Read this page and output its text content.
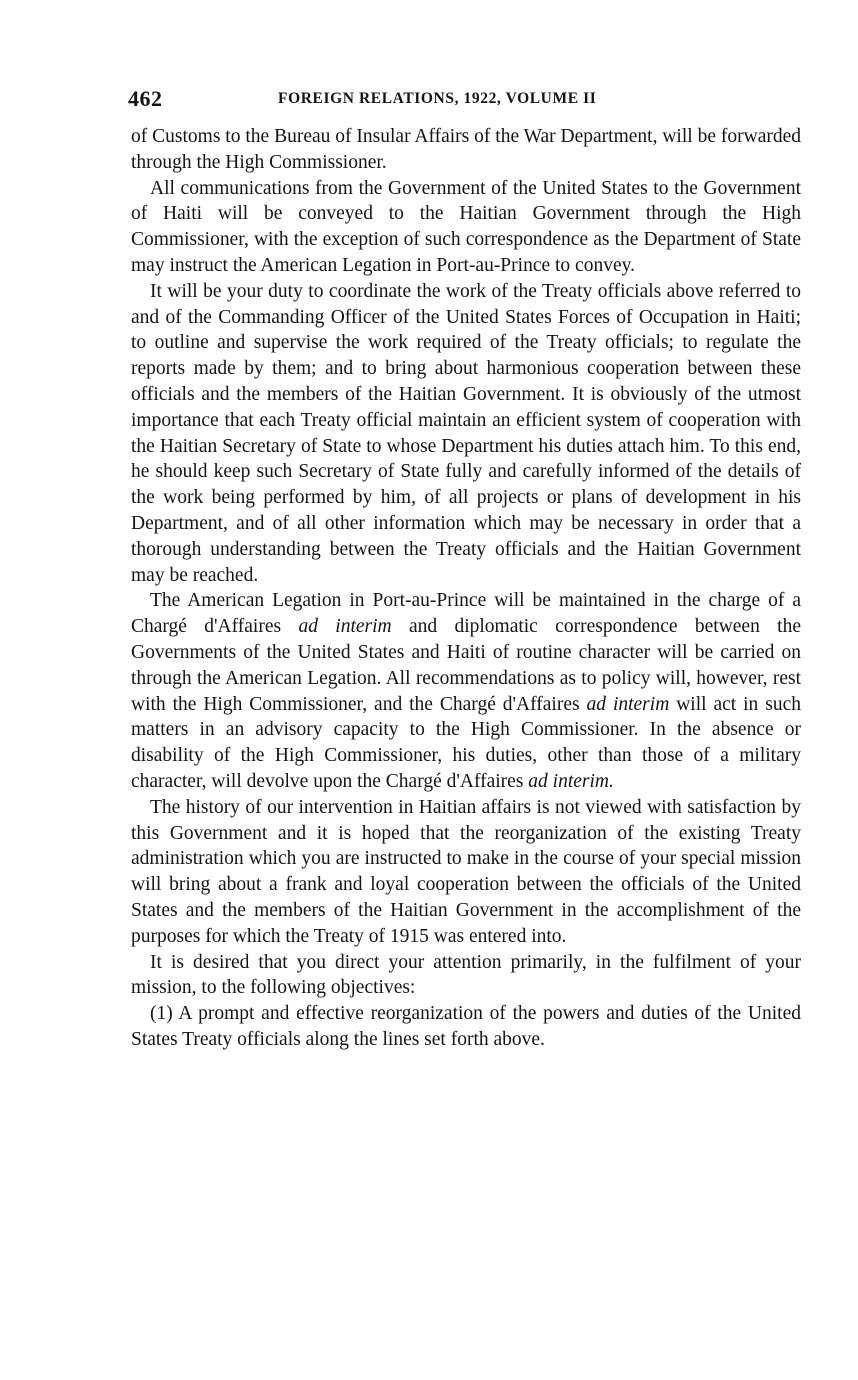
462	FOREIGN RELATIONS, 1922, VOLUME II

of Customs to the Bureau of Insular Affairs of the War Department, will be forwarded through the High Commissioner.

All communications from the Government of the United States to the Government of Haiti will be conveyed to the Haitian Government through the High Commissioner, with the exception of such correspondence as the Department of State may instruct the American Legation in Port-au-Prince to convey.

It will be your duty to coordinate the work of the Treaty officials above referred to and of the Commanding Officer of the United States Forces of Occupation in Haiti; to outline and supervise the work required of the Treaty officials; to regulate the reports made by them; and to bring about harmonious cooperation between these officials and the members of the Haitian Government. It is obviously of the utmost importance that each Treaty official maintain an efficient system of cooperation with the Haitian Secretary of State to whose Department his duties attach him. To this end, he should keep such Secretary of State fully and carefully informed of the details of the work being performed by him, of all projects or plans of development in his Department, and of all other information which may be necessary in order that a thorough understanding between the Treaty officials and the Haitian Government may be reached.

The American Legation in Port-au-Prince will be maintained in the charge of a Chargé d'Affaires ad interim and diplomatic correspondence between the Governments of the United States and Haiti of routine character will be carried on through the American Legation. All recommendations as to policy will, however, rest with the High Commissioner, and the Chargé d'Affaires ad interim will act in such matters in an advisory capacity to the High Commissioner. In the absence or disability of the High Commissioner, his duties, other than those of a military character, will devolve upon the Chargé d'Affaires ad interim.

The history of our intervention in Haitian affairs is not viewed with satisfaction by this Government and it is hoped that the reorganization of the existing Treaty administration which you are instructed to make in the course of your special mission will bring about a frank and loyal cooperation between the officials of the United States and the members of the Haitian Government in the accomplishment of the purposes for which the Treaty of 1915 was entered into.

It is desired that you direct your attention primarily, in the fulfilment of your mission, to the following objectives:

(1) A prompt and effective reorganization of the powers and duties of the United States Treaty officials along the lines set forth above.
